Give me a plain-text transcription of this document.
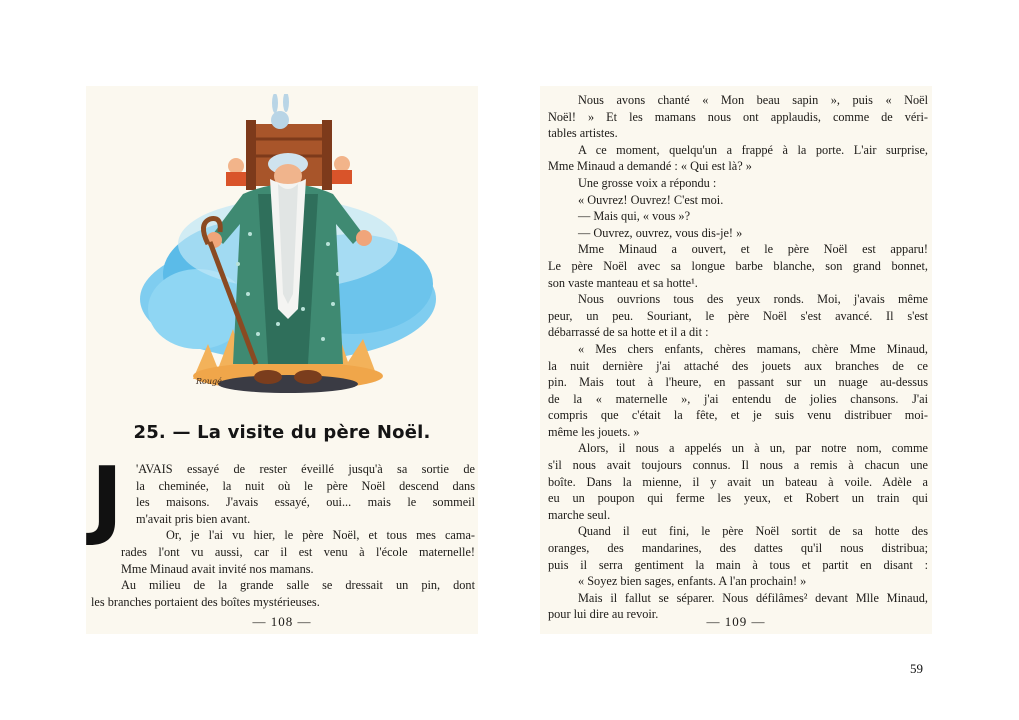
Rougé
25. — La visite du père Noël.
J 'AVAIS essayé de rester éveillé jusqu'à sa sortie de
la cheminée, la nuit où le père Noël descend dans
les maisons. J'avais essayé, oui... mais le sommeil
m'avait pris bien avant.
Or, je l'ai vu hier, le père Noël, et tous mes cama-
rades l'ont vu aussi, car il est venu à l'école maternelle!
Mme Minaud avait invité nos mamans.
Au milieu de la grande salle se dressait un pin, dont
les branches portaient des boîtes mystérieuses.
— 108 —
Nous avons chanté « Mon beau sapin », puis « Noël
Noël! » Et les mamans nous ont applaudis, comme de véri-
tables artistes.
A ce moment, quelqu'un a frappé à la porte. L'air surprise,
Mme Minaud a demandé : « Qui est là? »
Une grosse voix a répondu :
« Ouvrez! Ouvrez! C'est moi.
— Mais qui, « vous »?
— Ouvrez, ouvrez, vous dis-je! »
Mme Minaud a ouvert, et le père Noël est apparu!
Le père Noël avec sa longue barbe blanche, son grand bonnet,
son vaste manteau et sa hotte¹.
Nous ouvrions tous des yeux ronds. Moi, j'avais même
peur, un peu. Souriant, le père Noël s'est avancé. Il s'est
débarrassé de sa hotte et il a dit :
« Mes chers enfants, chères mamans, chère Mme Minaud,
la nuit dernière j'ai attaché des jouets aux branches de ce
pin. Mais tout à l'heure, en passant sur un nuage au-dessus
de la « maternelle », j'ai entendu de jolies chansons. J'ai
compris que c'était la fête, et je suis venu distribuer moi-
même les jouets. »
Alors, il nous a appelés un à un, par notre nom, comme
s'il nous avait toujours connus. Il nous a remis à chacun une
boîte. Dans la mienne, il y avait un bateau à voile. Adèle a
eu un poupon qui ferme les yeux, et Robert un train qui
marche seul.
Quand il eut fini, le père Noël sortit de sa hotte des
oranges, des mandarines, des dattes qu'il nous distribua;
puis il serra gentiment la main à tous et partit en disant :
« Soyez bien sages, enfants. A l'an prochain! »
Mais il fallut se séparer. Nous défilâmes² devant Mlle Minaud,
pour lui dire au revoir.	— 109 —
59
